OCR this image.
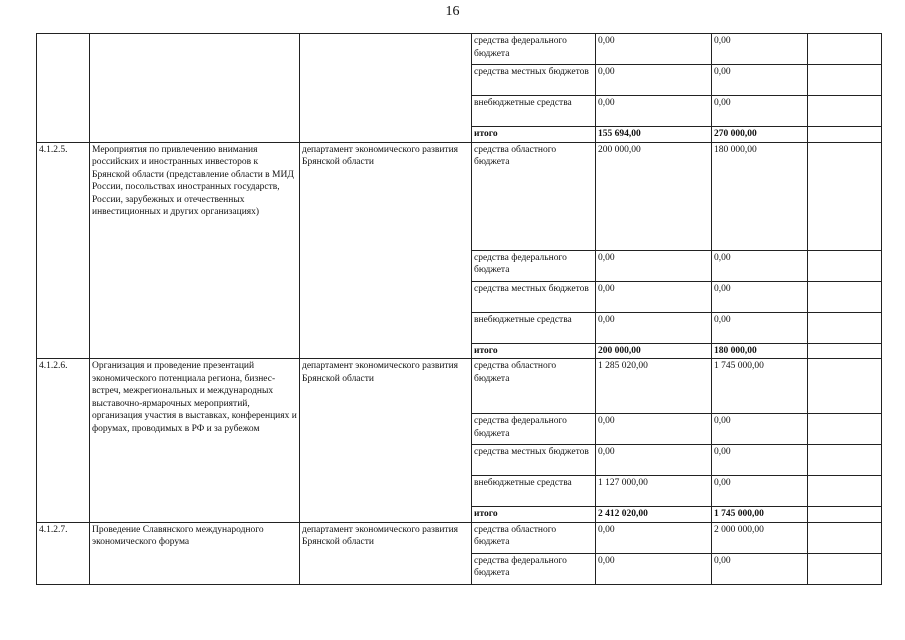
16
			средства федерального бюджета	0,00	0,00	
			средства местных бюджетов	0,00	0,00	
			внебюджетные средства	0,00	0,00	
			итого	155 694,00	270 000,00	
4.1.2.5.	Мероприятия по привлечению внимания российских и иностранных инвесторов к Брянской области (представление области в МИД России, посольствах иностранных государств, России, зарубежных и отечественных инвестиционных и других организациях)	департамент экономического развития Брянской области	средства областного бюджета	200 000,00	180 000,00	
			средства федерального бюджета	0,00	0,00	
			средства местных бюджетов	0,00	0,00	
			внебюджетные средства	0,00	0,00	
			итого	200 000,00	180 000,00	
4.1.2.6.	Организация и проведение презентаций экономического потенциала региона, бизнес-встреч, межрегиональных и международных выставочно-ярмарочных мероприятий, организация участия в выставках, конференциях и форумах, проводимых в РФ и за рубежом	департамент экономического развития Брянской области	средства областного бюджета	1 285 020,00	1 745 000,00	
			средства федерального бюджета	0,00	0,00	
			средства местных бюджетов	0,00	0,00	
			внебюджетные средства	1 127 000,00	0,00	
			итого	2 412 020,00	1 745 000,00	
4.1.2.7.	Проведение Славянского международного экономического форума	департамент экономического развития Брянской области	средства областного бюджета	0,00	2 000 000,00	
			средства федерального бюджета	0,00	0,00	
